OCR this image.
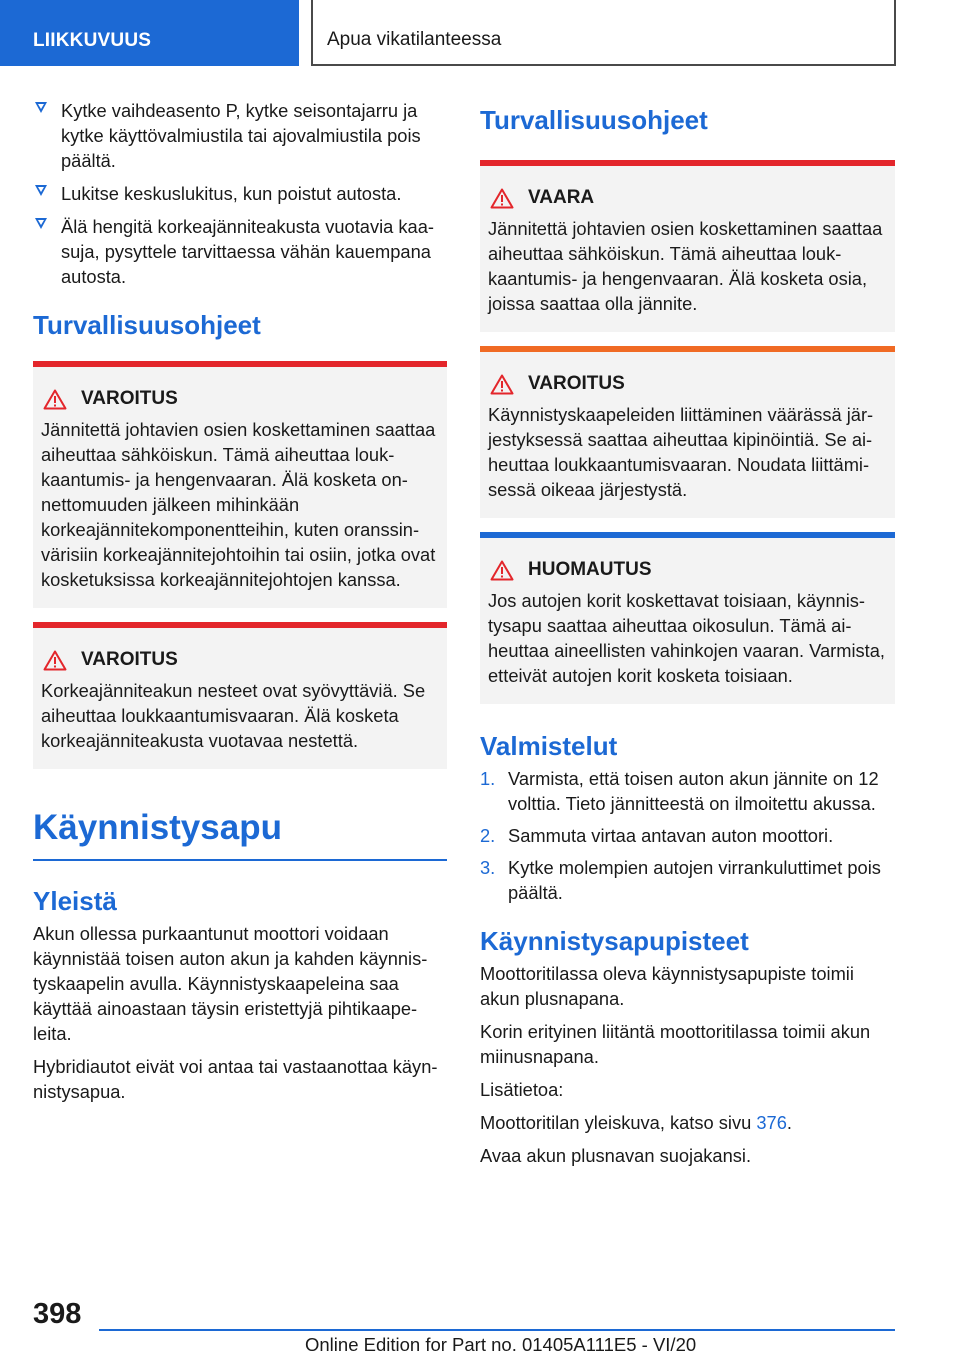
LIIKKUVUUS	Apua vikatilanteessa
Kytke vaihdeasento P, kytke seisontajarru ja kytke käyttövalmiustila tai ajovalmiustila pois päältä.
Lukitse keskuslukitus, kun poistut autosta.
Älä hengitä korkeajänniteakusta vuotavia kaasuja, pysyttele tarvittaessa vähän kauempana autosta.
Turvallisuusohjeet
VAROITUS
Jännitettä johtavien osien koskettaminen saattaa aiheuttaa sähköiskun. Tämä aiheuttaa loukkaantumis- ja hengenvaaran. Älä kosketa onnettomuuden jälkeen mihinkään korkeajännitekomponentteihin, kuten oranssinvärisiin korkeajännitejohtoihin tai osiin, jotka ovat kosketuksissa korkeajännitejohtojen kanssa.
VAROITUS
Korkeajänniteakun nesteet ovat syövyttäviä. Se aiheuttaa loukkaantumisvaaran. Älä kosketa korkeajänniteakusta vuotavaa nestettä.
Käynnistysapu
Yleistä

Akun ollessa purkaantunut moottori voidaan käynnistää toisen auton akun ja kahden käynnistyskaapelin avulla. Käynnistyskaapeleina saa käyttää ainoastaan täysin eristettyjä pihtikaapeleita.

Hybridiautot eivät voi antaa tai vastaanottaa käynnistysapua.

Turvallisuusohjeet
VAARA
Jännitettä johtavien osien koskettaminen saattaa aiheuttaa sähköiskun. Tämä aiheuttaa loukkaantumis- ja hengenvaaran. Älä kosketa osia, joissa saattaa olla jännite.
VAROITUS
Käynnistyskaapeleiden liittäminen väärässä järjestyksessä saattaa aiheuttaa kipinöintiä. Se aiheuttaa loukkaantumisvaaran. Noudata liittämisessä oikeaa järjestystä.
HUOMAUTUS
Jos autojen korit koskettavat toisiaan, käynnistysapu saattaa aiheuttaa oikosulun. Tämä aiheuttaa aineellisten vahinkojen vaaran. Varmista, etteivät autojen korit kosketa toisiaan.
Valmistelut
1. Varmista, että toisen auton akun jännite on 12 volttia. Tieto jännitteestä on ilmoitettu akussa.
2. Sammuta virtaa antavan auton moottori.
3. Kytke molempien autojen virrankuluttimet pois päältä.
Käynnistysapupisteet

Moottoritilassa oleva käynnistysapupiste toimii akun plusnapana.

Korin erityinen liitäntä moottoritilassa toimii akun miinusnapana.

Lisätietoa:

Moottoritilan yleiskuva, katso sivu 376.

Avaa akun plusnavan suojakansi.

398
Online Edition for Part no. 01405A111E5 - VI/20
